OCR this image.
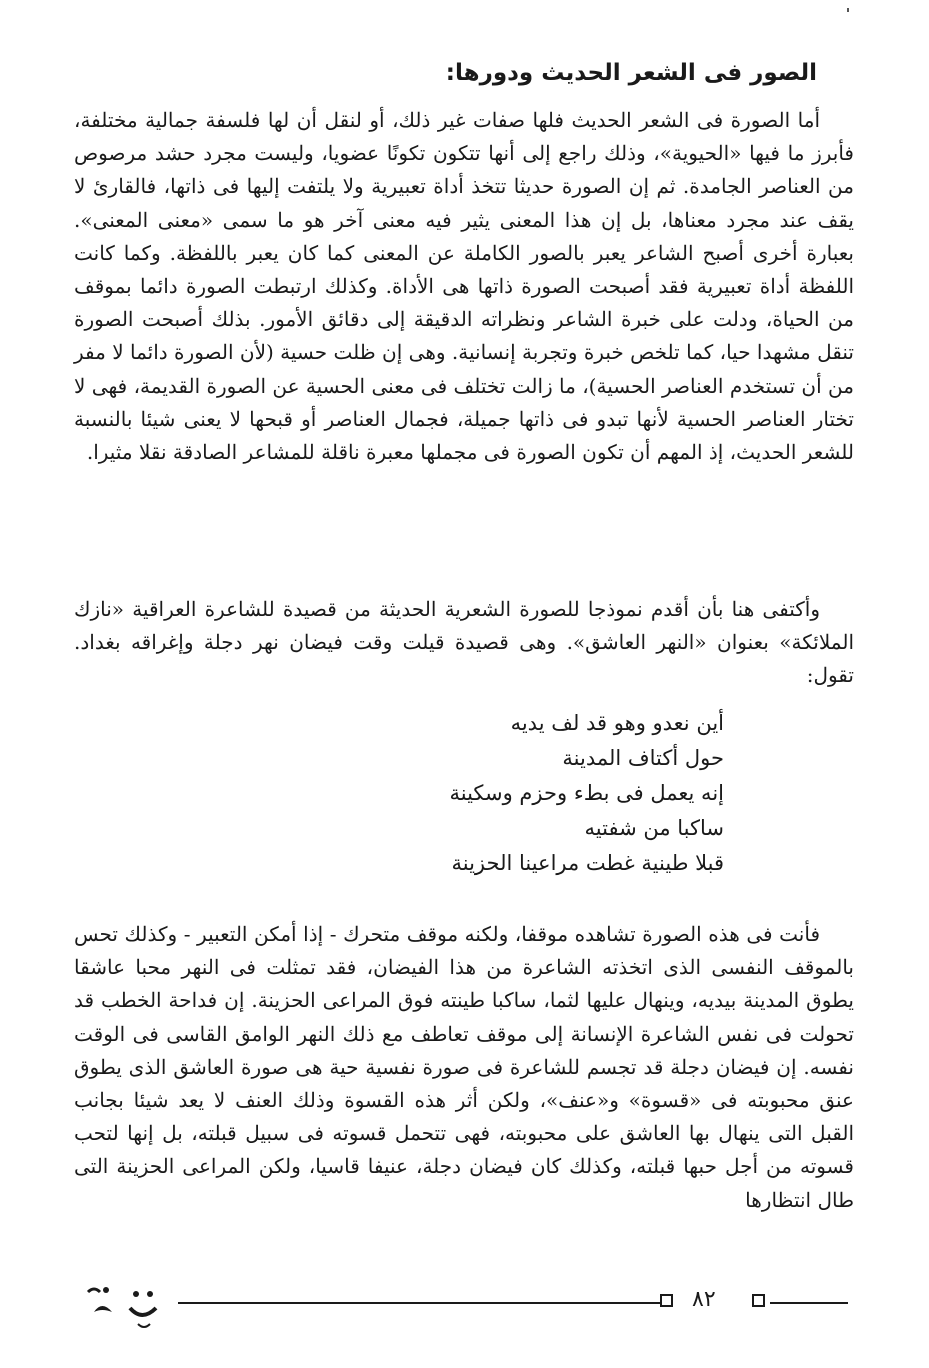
الصور فى الشعر الحديث ودورها:

أما الصورة فى الشعر الحديث فلها صفات غير ذلك، أو لنقل أن لها فلسفة جمالية مختلفة، فأبرز ما فيها «الحيوية»، وذلك راجع إلى أنها تتكون تكونًا عضويا، وليست مجرد حشد مرصوص من العناصر الجامدة. ثم إن الصورة حديثا تتخذ أداة تعبيرية ولا يلتفت إليها فى ذاتها، فالقارئ لا يقف عند مجرد معناها، بل إن هذا المعنى يثير فيه معنى آخر هو ما سمى «معنى المعنى». بعبارة أخرى أصبح الشاعر يعبر بالصور الكاملة عن المعنى كما كان يعبر باللفظة. وكما كانت اللفظة أداة تعبيرية فقد أصبحت الصورة ذاتها هى الأداة. وكذلك ارتبطت الصورة دائما بموقف من الحياة، ودلت على خبرة الشاعر ونظراته الدقيقة إلى دقائق الأمور. بذلك أصبحت الصورة تنقل مشهدا حيا، كما تلخص خبرة وتجربة إنسانية. وهى إن ظلت حسية (لأن الصورة دائما لا مفر من أن تستخدم العناصر الحسية)، ما زالت تختلف فى معنى الحسية عن الصورة القديمة، فهى لا تختار العناصر الحسية لأنها تبدو فى ذاتها جميلة، فجمال العناصر أو قبحها لا يعنى شيئا بالنسبة للشعر الحديث، إذ المهم أن تكون الصورة فى مجملها معبرة ناقلة للمشاعر الصادقة نقلا مثيرا.

وأكتفى هنا بأن أقدم نموذجا للصورة الشعرية الحديثة من قصيدة للشاعرة العراقية «نازك الملائكة» بعنوان «النهر العاشق». وهى قصيدة قيلت وقت فيضان نهر دجلة وإغراقه بغداد. تقول:

أين نعدو وهو قد لف يديه
حول أكتاف المدينة
إنه يعمل فى بطء وحزم وسكينة
ساكبا من شفتيه
قبلا طينية غطت مراعينا الحزينة

فأنت فى هذه الصورة تشاهده موقفا، ولكنه موقف متحرك - إذا أمكن التعبير - وكذلك تحس بالموقف النفسى الذى اتخذته الشاعرة من هذا الفيضان، فقد تمثلت فى النهر محبا عاشقا يطوق المدينة بيديه، وينهال عليها لثما، ساكبا طينته فوق المراعى الحزينة. إن فداحة الخطب قد تحولت فى نفس الشاعرة الإنسانة إلى موقف تعاطف مع ذلك النهر الوامق القاسى فى الوقت نفسه. إن فيضان دجلة قد تجسم للشاعرة فى صورة نفسية حية هى صورة العاشق الذى يطوق عنق محبوبته فى «قسوة» و«عنف»، ولكن أثر هذه القسوة وذلك العنف لا يعد شيئا بجانب القبل التى ينهال بها العاشق على محبوبته، فهى تتحمل قسوته فى سبيل قبلته، بل إنها لتحب قسوته من أجل حبها قبلته، وكذلك كان فيضان دجلة، عنيفا قاسيا، ولكن المراعى الحزينة التى طال انتظارها

٨٢
